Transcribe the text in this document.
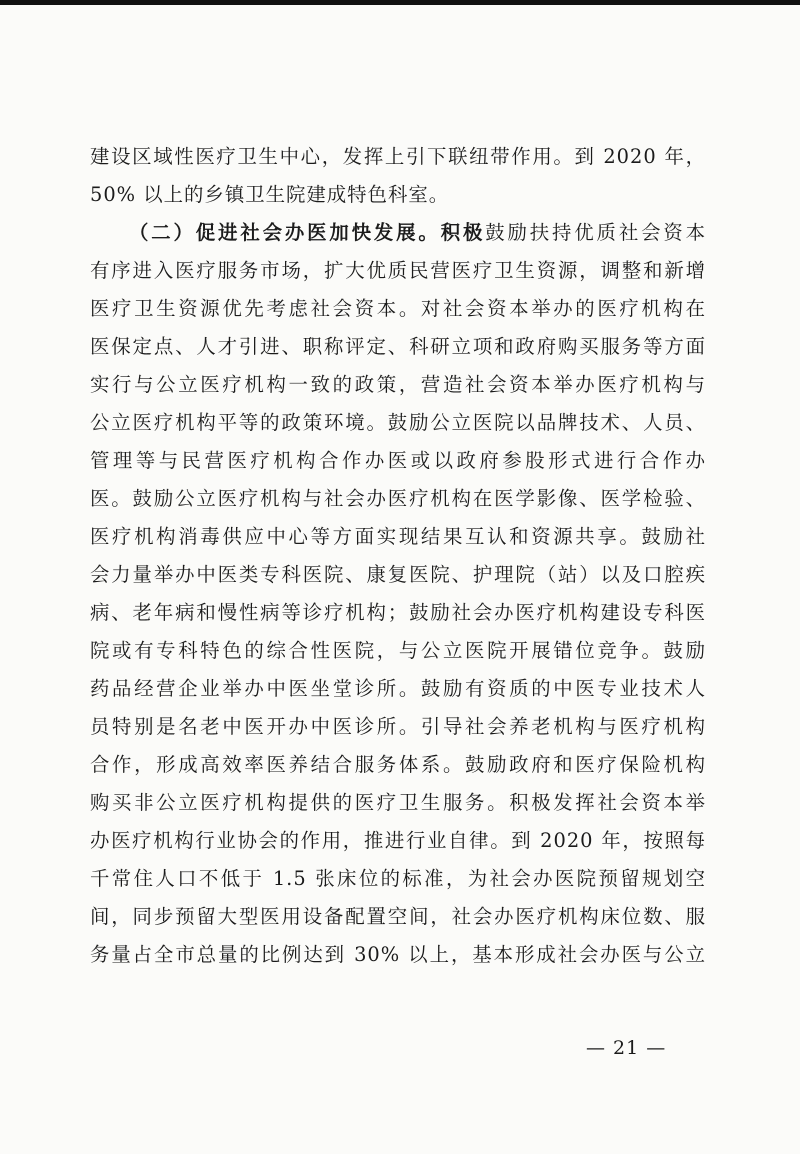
建设区域性医疗卫生中心，发挥上引下联纽带作用。到 2020 年，
50% 以上的乡镇卫生院建成特色科室。
（二）促进社会办医加快发展。积极鼓励扶持优质社会资本
有序进入医疗服务市场，扩大优质民营医疗卫生资源，调整和新增
医疗卫生资源优先考虑社会资本。对社会资本举办的医疗机构在
医保定点、人才引进、职称评定、科研立项和政府购买服务等方面
实行与公立医疗机构一致的政策，营造社会资本举办医疗机构与
公立医疗机构平等的政策环境。鼓励公立医院以品牌技术、人员、
管理等与民营医疗机构合作办医或以政府参股形式进行合作办
医。鼓励公立医疗机构与社会办医疗机构在医学影像、医学检验、
医疗机构消毒供应中心等方面实现结果互认和资源共享。鼓励社
会力量举办中医类专科医院、康复医院、护理院（站）以及口腔疾
病、老年病和慢性病等诊疗机构；鼓励社会办医疗机构建设专科医
院或有专科特色的综合性医院，与公立医院开展错位竞争。鼓励
药品经营企业举办中医坐堂诊所。鼓励有资质的中医专业技术人
员特别是名老中医开办中医诊所。引导社会养老机构与医疗机构
合作，形成高效率医养结合服务体系。鼓励政府和医疗保险机构
购买非公立医疗机构提供的医疗卫生服务。积极发挥社会资本举
办医疗机构行业协会的作用，推进行业自律。到 2020 年，按照每
千常住人口不低于 1.5 张床位的标准，为社会办医院预留规划空
间，同步预留大型医用设备配置空间，社会办医疗机构床位数、服
务量占全市总量的比例达到 30% 以上，基本形成社会办医与公立
— 21 —
